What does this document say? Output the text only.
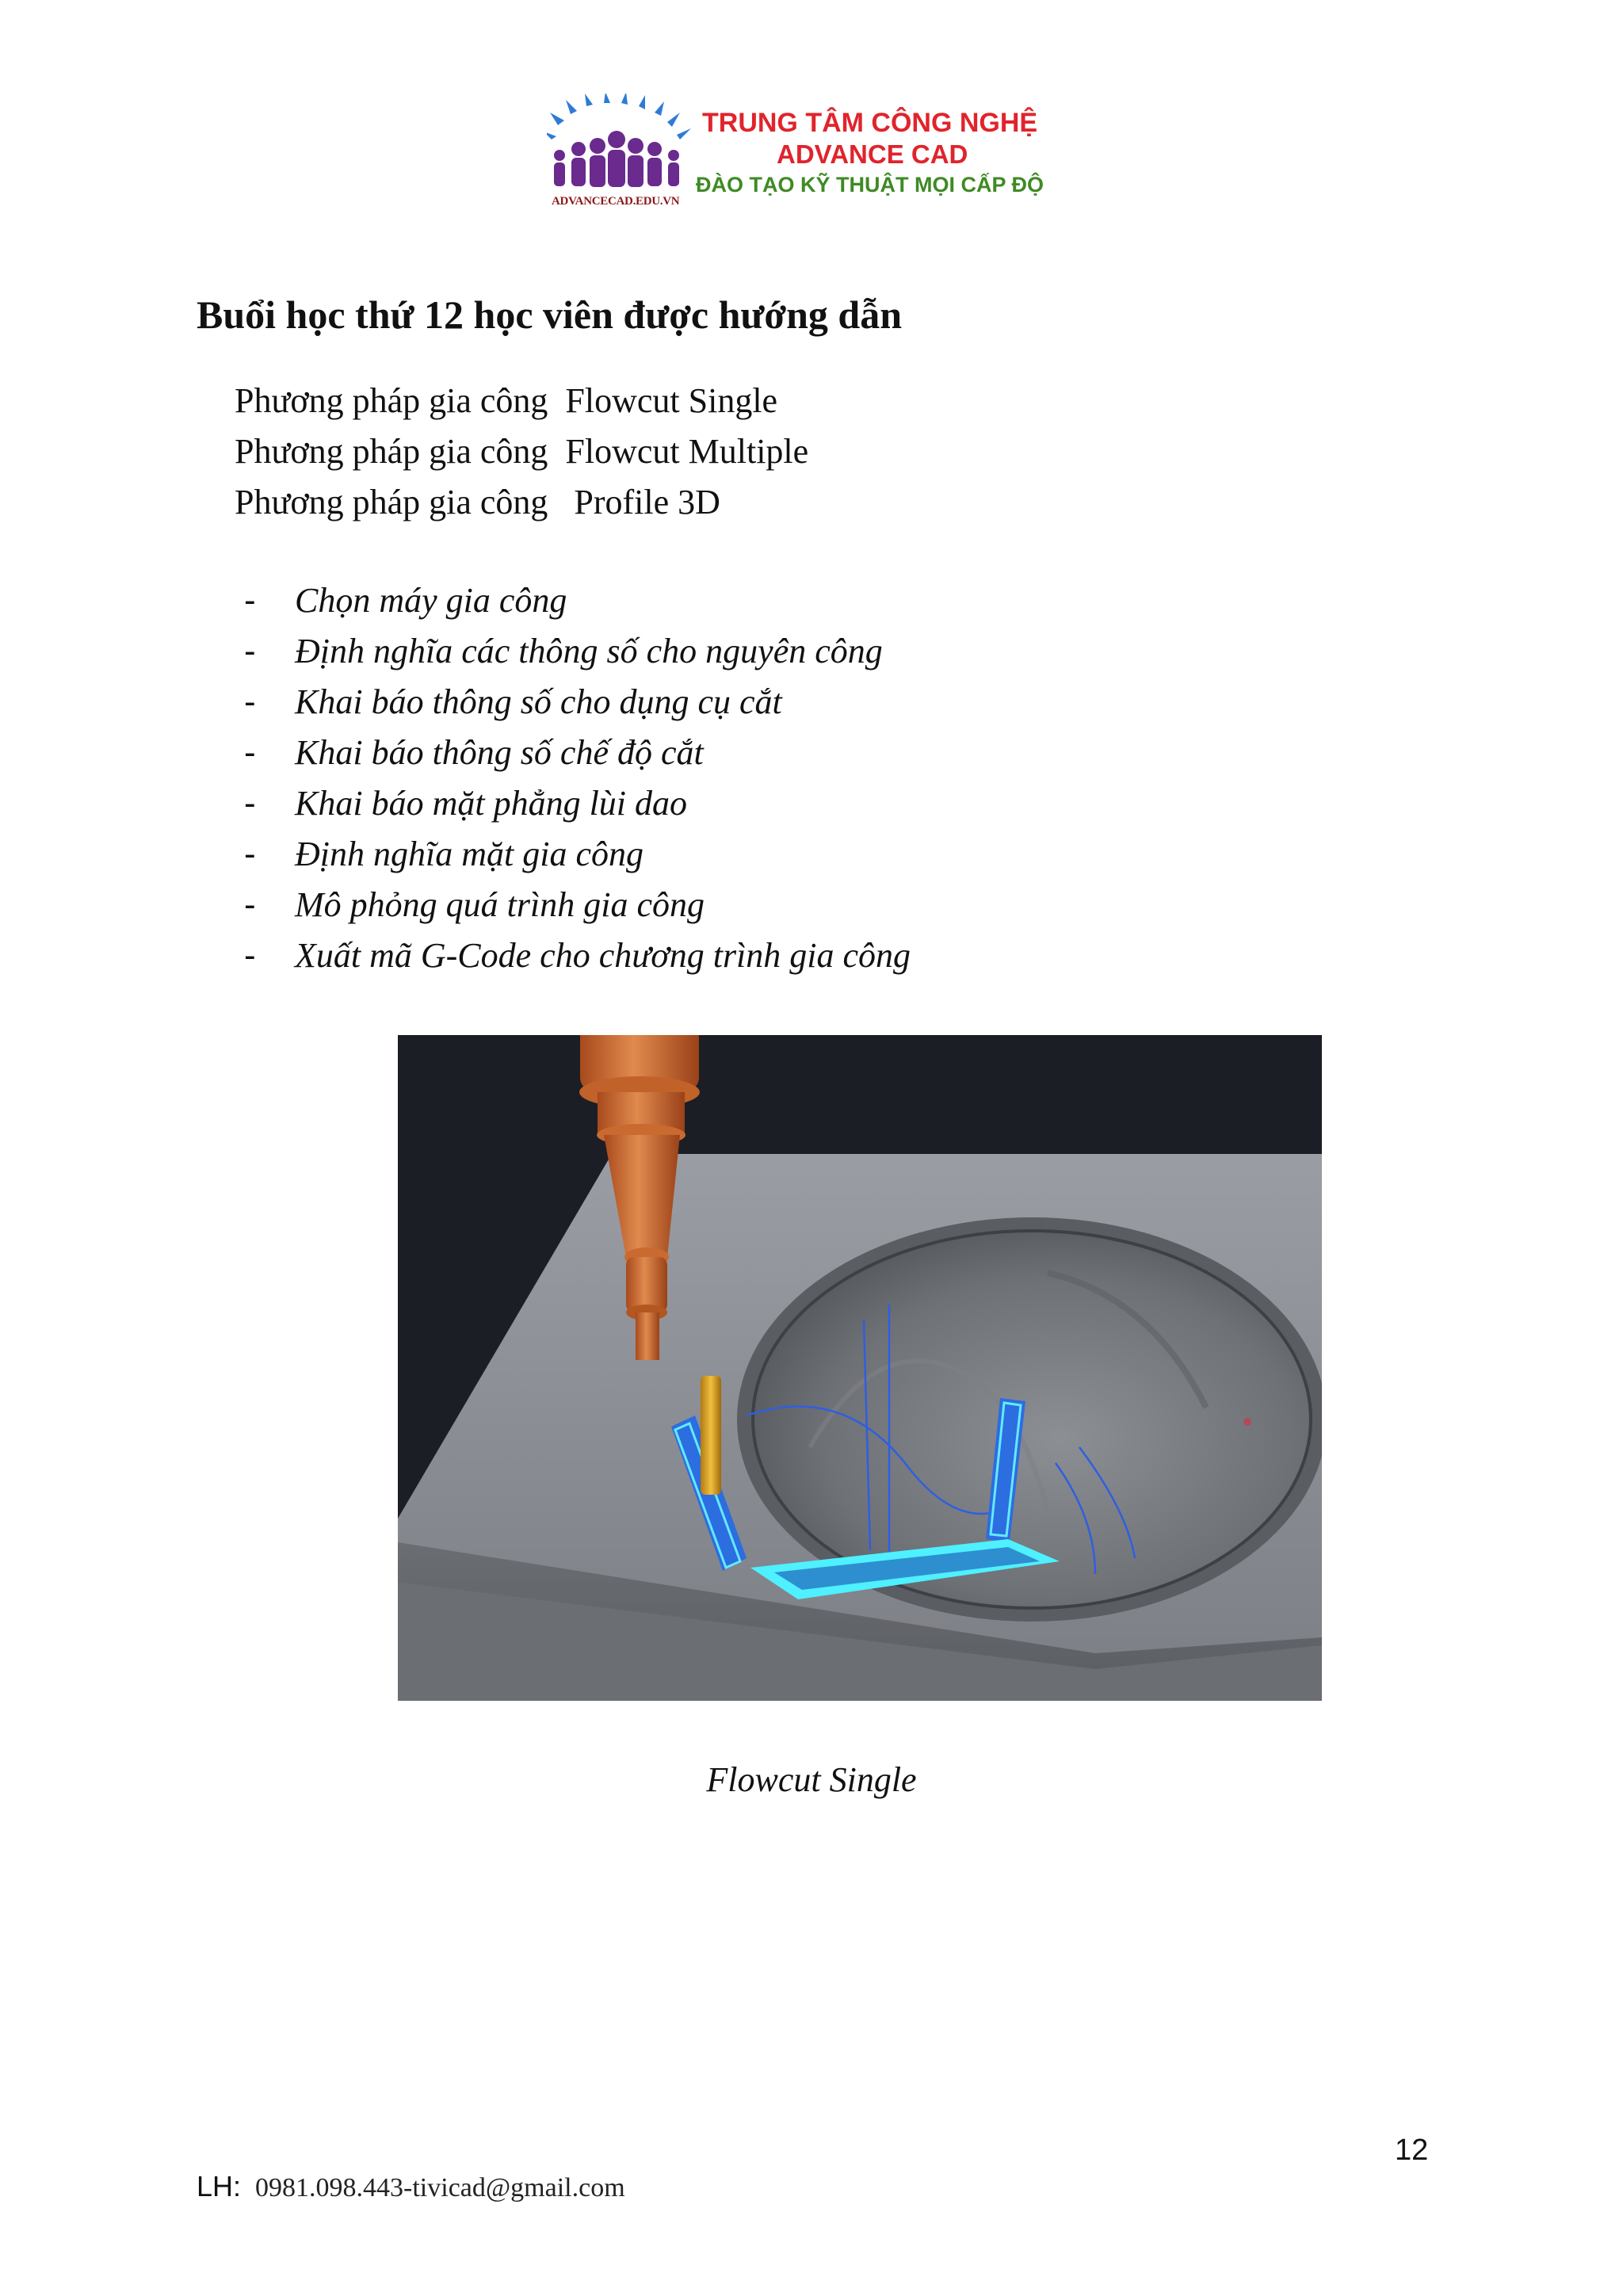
ADVANCECAD.EDU.VN
TRUNG TÂM CÔNG NGHỆ
ADVANCE CAD
ĐÀO TẠO KỸ THUẬT MỌI CẤP ĐỘ
Buổi học thứ 12 học viên được hướng dẫn
Phương pháp gia công  Flowcut Single
Phương pháp gia công  Flowcut Multiple
Phương pháp gia công   Profile 3D
- Chọn máy gia công
- Định nghĩa các thông số cho nguyên công
- Khai báo thông số cho dụng cụ cắt
- Khai báo thông số chế độ cắt
- Khai báo mặt phẳng lùi dao
- Định nghĩa mặt gia công
- Mô phỏng quá trình gia công
- Xuất mã G-Code cho chương trình gia công
Flowcut Single
12
LH: 0981.098.443-tivicad@gmail.com
